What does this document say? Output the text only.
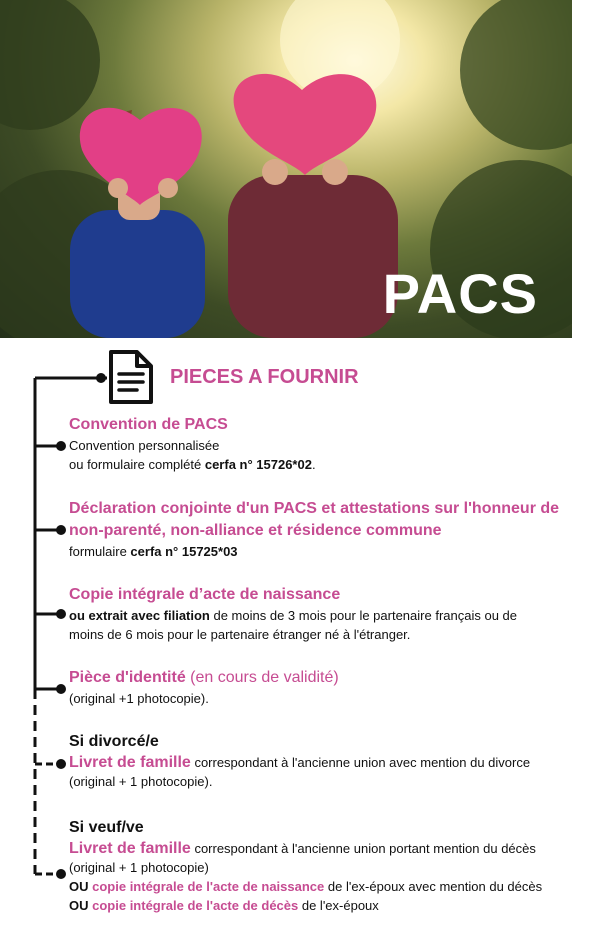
PACS
PIECES A FOURNIR
Convention de PACS
Convention personnalisée
ou formulaire complété cerfa n° 15726*02.
Déclaration conjointe d'un PACS et attestations sur l'honneur de
non-parenté, non-alliance et résidence commune
formulaire cerfa n° 15725*03
Copie intégrale d’acte de naissance
ou extrait avec filiation de moins de 3 mois pour le partenaire français ou de
moins de 6 mois pour le partenaire étranger né à l'étranger.
Pièce d'identité (en cours de validité)
(original +1 photocopie).
Si divorcé/e
Livret de famille correspondant à l'ancienne union avec mention du divorce
(original + 1 photocopie).
Si veuf/ve
Livret de famille correspondant à l'ancienne union portant mention du décès
(original + 1 photocopie)
OU copie intégrale de l'acte de naissance de l'ex-époux avec mention du décès
OU copie intégrale de l'acte de décès de l'ex-époux
